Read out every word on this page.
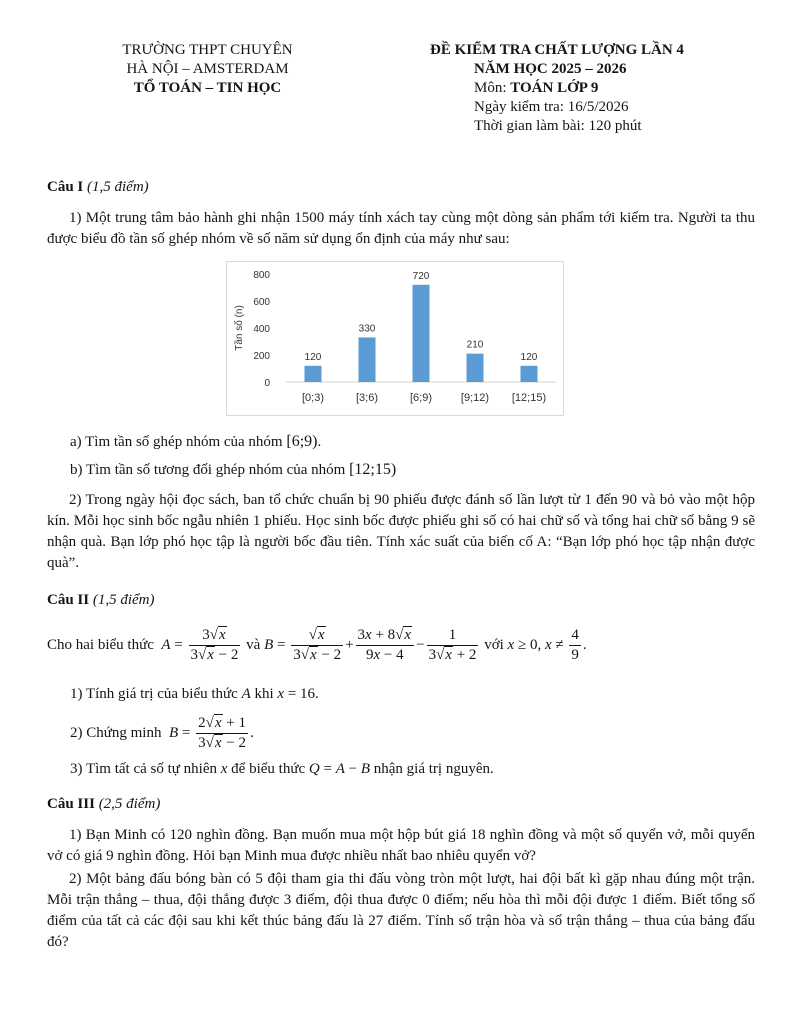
TRƯỜNG THPT CHUYÊN
HÀ NỘI – AMSTERDAM
TỔ TOÁN – TIN HỌC
ĐỀ KIỂM TRA CHẤT LƯỢNG LẦN 4
NĂM HỌC 2025 – 2026
Môn: TOÁN LỚP 9
Ngày kiểm tra: 16/5/2026
Thời gian làm bài: 120 phút
Câu I (1,5 điểm)
1) Một trung tâm bảo hành ghi nhận 1500 máy tính xách tay cùng một dòng sản phẩm tới kiểm tra. Người ta thu được biểu đồ tần số ghép nhóm về số năm sử dụng ổn định của máy như sau:
0
200
400
600
800
Tần số (n)
120
[0;3)
330
[3;6)
720
[6;9)
210
[9;12)
120
[12;15)
a) Tìm tần số ghép nhóm của nhóm
[6;9) .
b) Tìm tần số tương đối ghép nhóm của nhóm
[12;15)
2) Trong ngày hội đọc sách, ban tổ chức chuẩn bị 90 phiếu được đánh số lần lượt từ 1 đến 90 và bỏ vào một hộp kín. Mỗi học sinh bốc ngẫu nhiên 1 phiếu. Học sinh bốc được phiếu ghi số có hai chữ số và tổng hai chữ số bằng 9 sẽ nhận quà. Bạn lớp phó học tập là người bốc đầu tiên. Tính xác suất của biến cố A: “Bạn lớp phó học tập nhận được quà”.
Câu II (1,5 điểm)
Cho hai biểu thức
$A = \frac{3√x}{3√x - 2}$
và
$B = \frac{√x}{3√x - 2} + \frac{3x + 8√x}{9x - 4} - \frac{1}{3√x + 2}$
với
x ≥ 0, $x \ne \frac{4}{9}$ .
1) Tính giá trị của biểu thức A khi x = 16.
2) Chứng minh
$B = \frac{2√x + 1}{3√x - 2}$ .
3) Tìm tất cả số tự nhiên x để biểu thức Q = A − B nhận giá trị nguyên.
Câu III (2,5 điểm)
1) Bạn Minh có 120 nghìn đồng. Bạn muốn mua một hộp bút giá 18 nghìn đồng và một số quyển vở, mỗi quyển vở có giá 9 nghìn đồng. Hỏi bạn Minh mua được nhiều nhất bao nhiêu quyển vở?
2) Một bảng đấu bóng bàn có 5 đội tham gia thi đấu vòng tròn một lượt, hai đội bất kì gặp nhau đúng một trận. Mỗi trận thắng – thua, đội thắng được 3 điểm, đội thua được 0 điểm; nếu hòa thì mỗi đội được 1 điểm. Biết tổng số điểm của tất cả các đội sau khi kết thúc bảng đấu là 27 điểm. Tính số trận hòa và số trận thắng – thua của bảng đấu đó?
